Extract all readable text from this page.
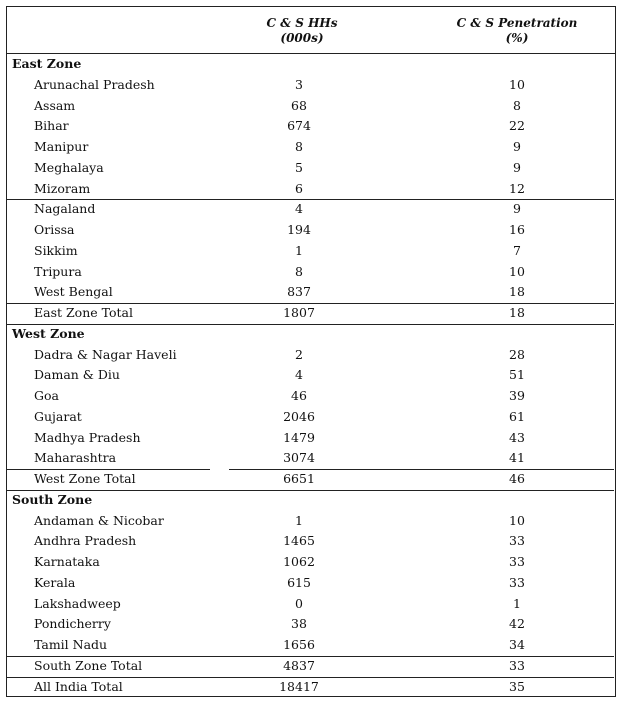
C & S HHs
(000s)
C & S Penetration
(%)
East Zone
Arunachal Pradesh	3	10
Assam	68	8
Bihar	674	22
Manipur	8	9
Meghalaya	5	9
Mizoram	6	12
Nagaland	4	9
Orissa	194	16
Sikkim	1	7
Tripura	8	10
West Bengal	837	18
East Zone Total	1807	18
West Zone
Dadra & Nagar Haveli	2	28
Daman & Diu	4	51
Goa	46	39
Gujarat	2046	61
Madhya Pradesh	1479	43
Maharashtra	3074	41
West Zone Total	6651	46
South Zone
Andaman & Nicobar	1	10
Andhra Pradesh	1465	33
Karnataka	1062	33
Kerala	615	33
Lakshadweep	0	1
Pondicherry	38	42
Tamil Nadu	1656	34
South Zone Total	4837	33
All India Total	18417	35
